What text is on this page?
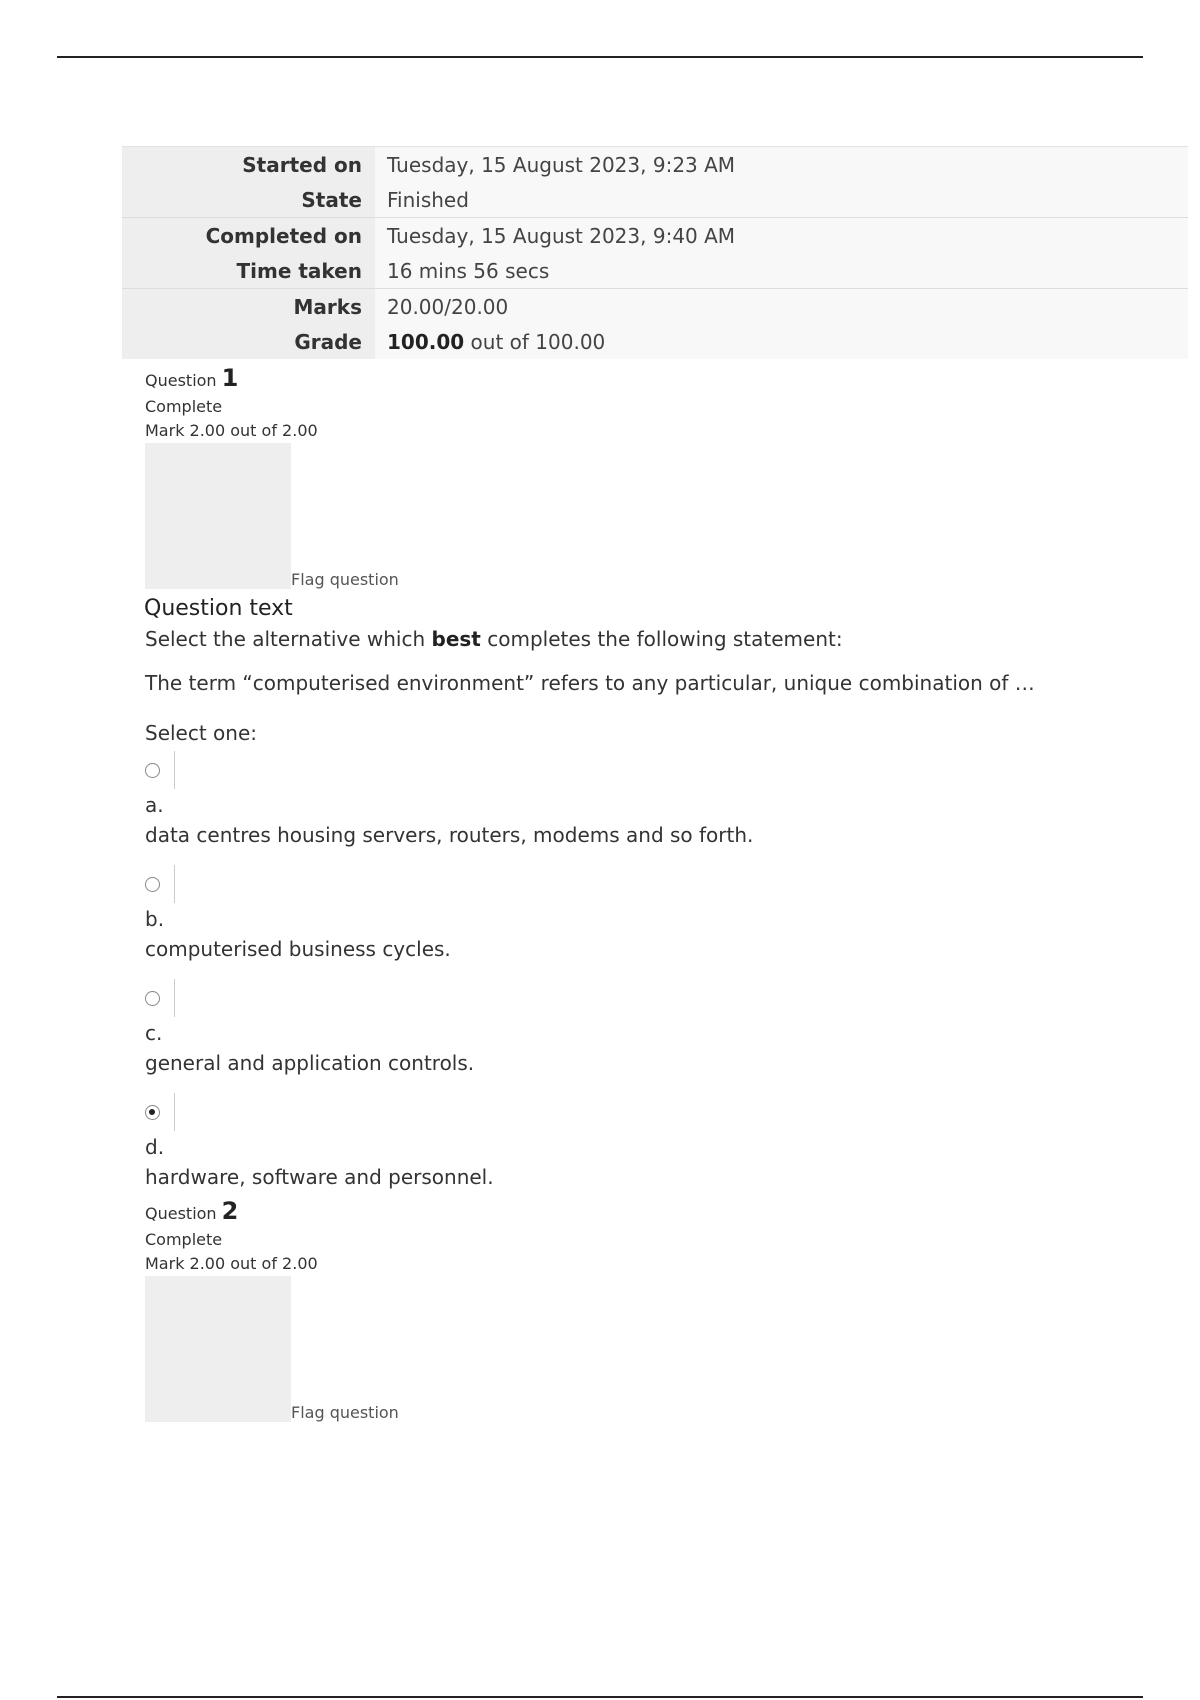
Started on	Tuesday, 15 August 2023, 9:23 AM
State	Finished
Completed on	Tuesday, 15 August 2023, 9:40 AM
Time taken	16 mins 56 secs
Marks	20.00/20.00
Grade	100.00 out of 100.00
Question 1
Complete
Mark 2.00 out of 2.00
Flag question
Question text

Select the alternative which best completes the following statement:

The term “computerised environment” refers to any particular, unique combination of …
Select one:
a.
data centres housing servers, routers, modems and so forth.
b.
computerised business cycles.
c.
general and application controls.
d.
hardware, software and personnel.
Question 2
Complete
Mark 2.00 out of 2.00
Flag question
